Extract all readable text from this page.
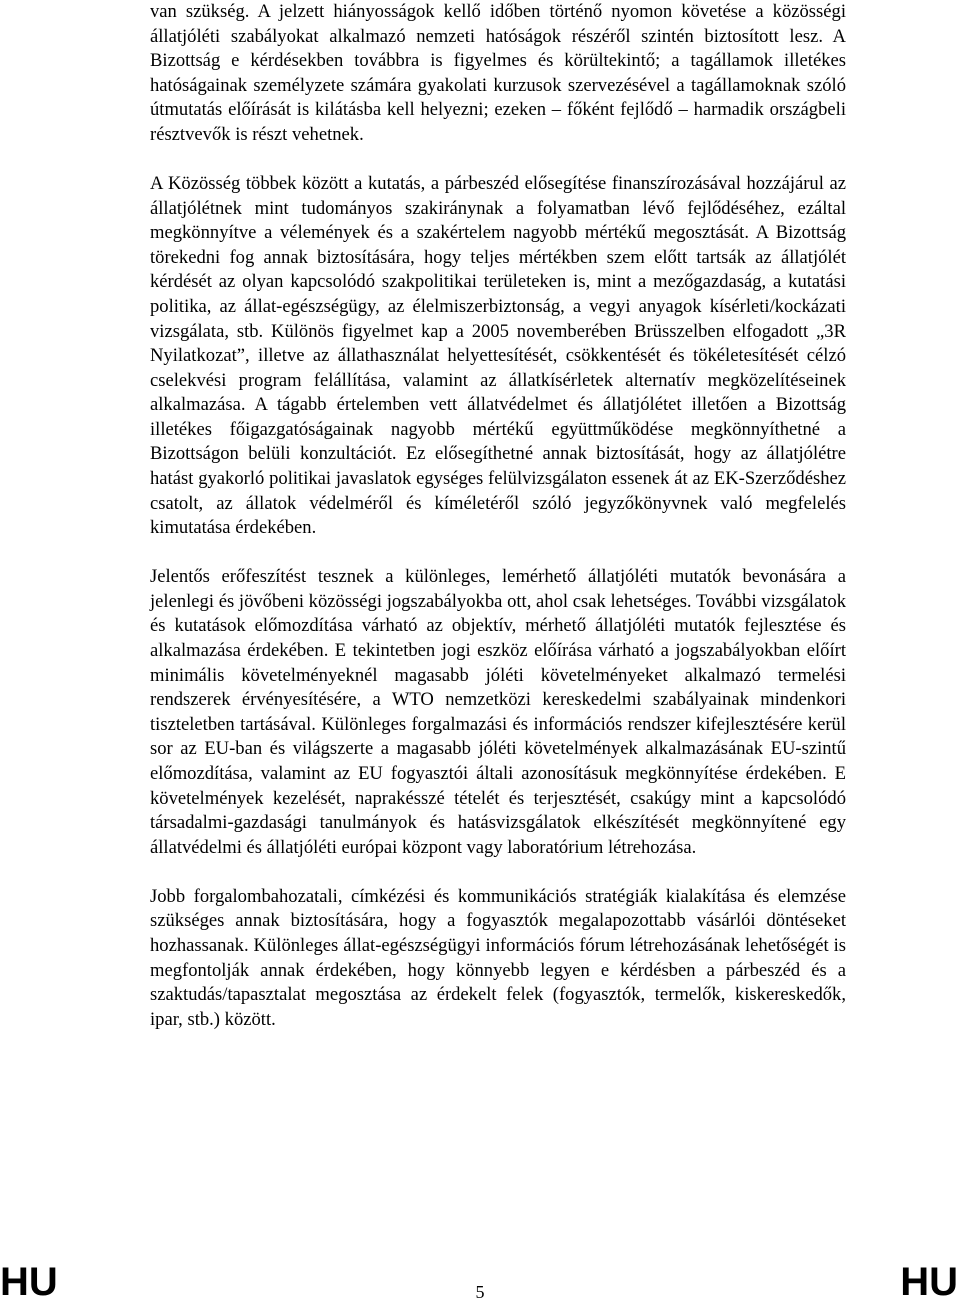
van szükség. A jelzett hiányosságok kellő időben történő nyomon követése a közösségi állatjóléti szabályokat alkalmazó nemzeti hatóságok részéről szintén biztosított lesz. A Bizottság e kérdésekben továbbra is figyelmes és körültekintő; a tagállamok illetékes hatóságainak személyzete számára gyakolati kurzusok szervezésével a tagállamoknak szóló útmutatás előírását is kilátásba kell helyezni; ezeken – főként fejlődő – harmadik országbeli résztvevők is részt vehetnek.

A Közösség többek között a kutatás, a párbeszéd elősegítése finanszírozásával hozzájárul az állatjólétnek mint tudományos szakiránynak a folyamatban lévő fejlődéséhez, ezáltal megkönnyítve a vélemények és a szakértelem nagyobb mértékű megosztását. A Bizottság törekedni fog annak biztosítására, hogy teljes mértékben szem előtt tartsák az állatjólét kérdését az olyan kapcsolódó szakpolitikai területeken is, mint a mezőgazdaság, a kutatási politika, az állat-egészségügy, az élelmiszerbiztonság, a vegyi anyagok kísérleti/kockázati vizsgálata, stb. Különös figyelmet kap a 2005 novemberében Brüsszelben elfogadott „3R Nyilatkozat”, illetve az állathasználat helyettesítését, csökkentését és tökéletesítését célzó cselekvési program felállítása, valamint az állatkísérletek alternatív megközelítéseinek alkalmazása. A tágabb értelemben vett állatvédelmet és állatjólétet illetően a Bizottság illetékes főigazgatóságainak nagyobb mértékű együttműködése megkönnyíthetné a Bizottságon belüli konzultációt. Ez elősegíthetné annak biztosítását, hogy az állatjólétre hatást gyakorló politikai javaslatok egységes felülvizsgálaton essenek át az EK-Szerződéshez csatolt, az állatok védelméről és kíméletéről szóló jegyzőkönyvnek való megfelelés kimutatása érdekében.

Jelentős erőfeszítést tesznek a különleges, lemérhető állatjóléti mutatók bevonására a jelenlegi és jövőbeni közösségi jogszabályokba ott, ahol csak lehetséges. További vizsgálatok és kutatások előmozdítása várható az objektív, mérhető állatjóléti mutatók fejlesztése és alkalmazása érdekében. E tekintetben jogi eszköz előírása várható a jogszabályokban előírt minimális követelményeknél magasabb jóléti követelményeket alkalmazó termelési rendszerek érvényesítésére, a WTO nemzetközi kereskedelmi szabályainak mindenkori tiszteletben tartásával. Különleges forgalmazási és információs rendszer kifejlesztésére kerül sor az EU-ban és világszerte a magasabb jóléti követelmények alkalmazásának EU-szintű előmozdítása, valamint az EU fogyasztói általi azonosításuk megkönnyítése érdekében. E követelmények kezelését, naprakésszé tételét és terjesztését, csakúgy mint a kapcsolódó társadalmi-gazdasági tanulmányok és hatásvizsgálatok elkészítését megkönnyítené egy állatvédelmi és állatjóléti európai központ vagy laboratórium létrehozása.

Jobb forgalombahozatali, címkézési és kommunikációs stratégiák kialakítása és elemzése szükséges annak biztosítására, hogy a fogyasztók megalapozottabb vásárlói döntéseket hozhassanak. Különleges állat-egészségügyi információs fórum létrehozásának lehetőségét is megfontolják annak érdekében, hogy könnyebb legyen e kérdésben a párbeszéd és a szaktudás/tapasztalat megosztása az érdekelt felek (fogyasztók, termelők, kiskereskedők, ipar, stb.) között.

HU	5	HU
